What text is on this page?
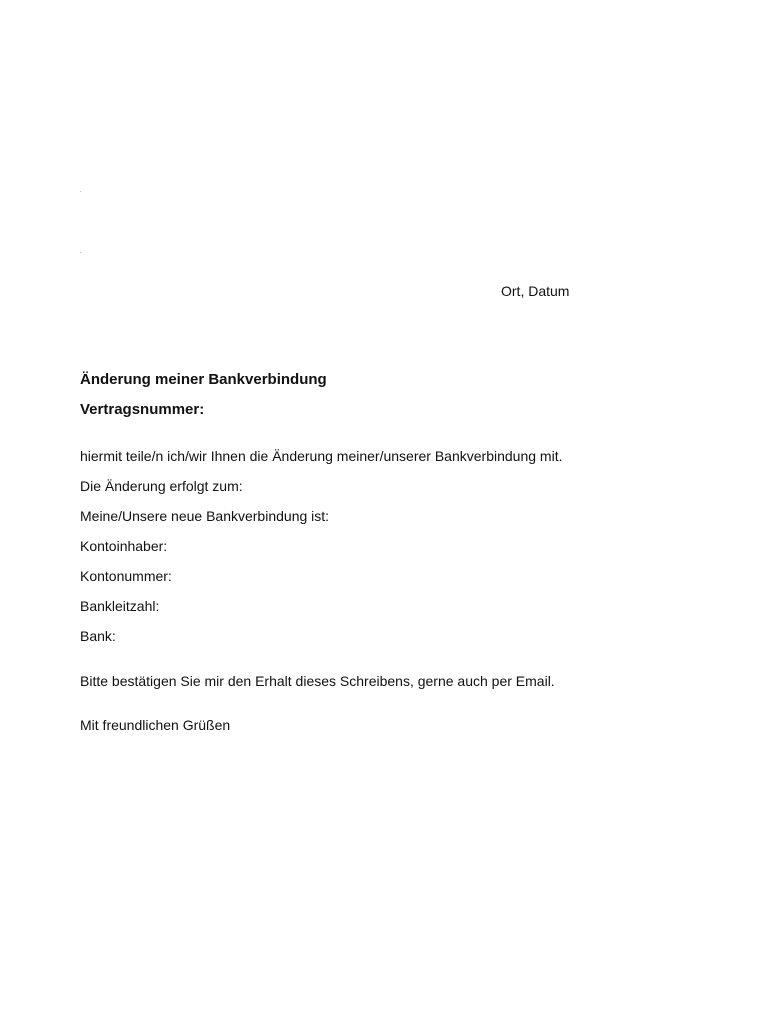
Ort, Datum
Änderung meiner Bankverbindung
Vertragsnummer:
hiermit teile/n ich/wir Ihnen die Änderung meiner/unserer Bankverbindung mit.
Die Änderung erfolgt zum:
Meine/Unsere neue Bankverbindung ist:
Kontoinhaber:
Kontonummer:
Bankleitzahl:
Bank:
Bitte bestätigen Sie mir den Erhalt dieses Schreibens, gerne auch per Email.
Mit freundlichen Grüßen
